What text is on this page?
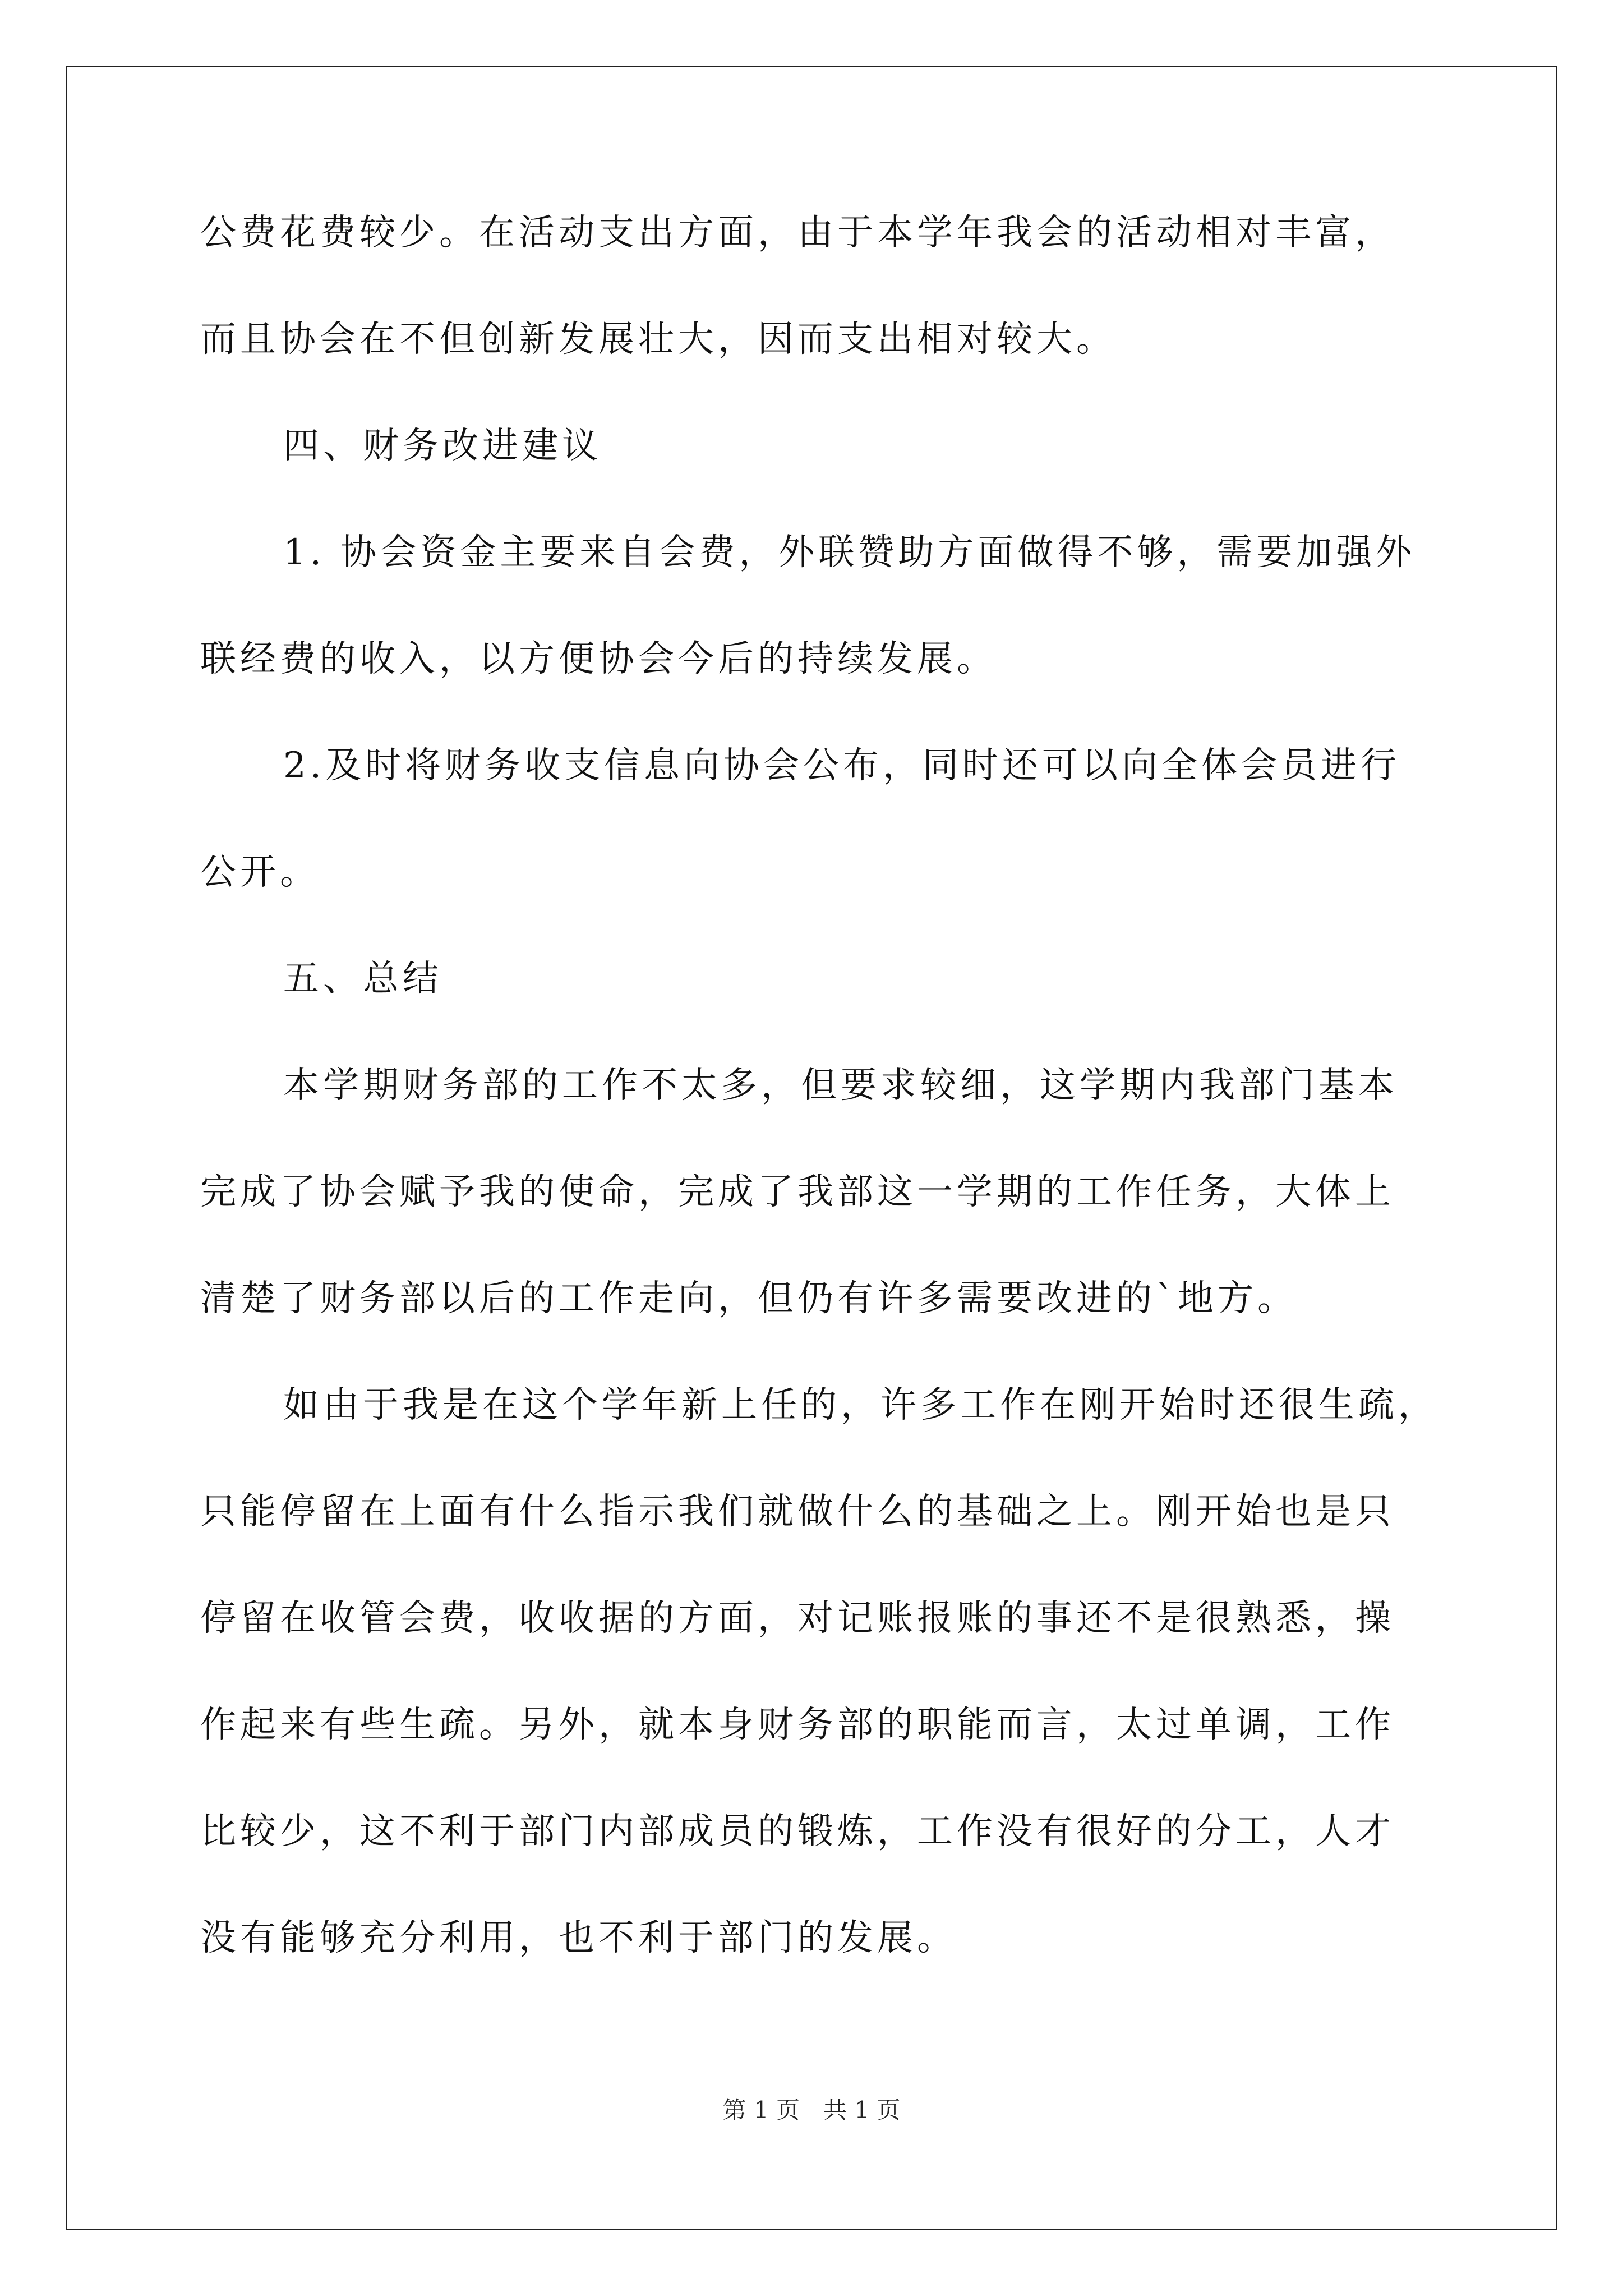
公费花费较少。在活动支出方面，由于本学年我会的活动相对丰富，
而且协会在不但创新发展壮大，因而支出相对较大。
四、财务改进建议
1. 协会资金主要来自会费，外联赞助方面做得不够，需要加强外
联经费的收入，以方便协会今后的持续发展。
2.及时将财务收支信息向协会公布，同时还可以向全体会员进行
公开。
五、总结
本学期财务部的工作不太多，但要求较细，这学期内我部门基本
完成了协会赋予我的使命，完成了我部这一学期的工作任务，大体上
清楚了财务部以后的工作走向，但仍有许多需要改进的`地方。
如由于我是在这个学年新上任的，许多工作在刚开始时还很生疏，
只能停留在上面有什么指示我们就做什么的基础之上。刚开始也是只
停留在收管会费，收收据的方面，对记账报账的事还不是很熟悉，操
作起来有些生疏。另外，就本身财务部的职能而言，太过单调，工作
比较少，这不利于部门内部成员的锻炼，工作没有很好的分工，人才
没有能够充分利用，也不利于部门的发展。
第 1 页　共 1 页
